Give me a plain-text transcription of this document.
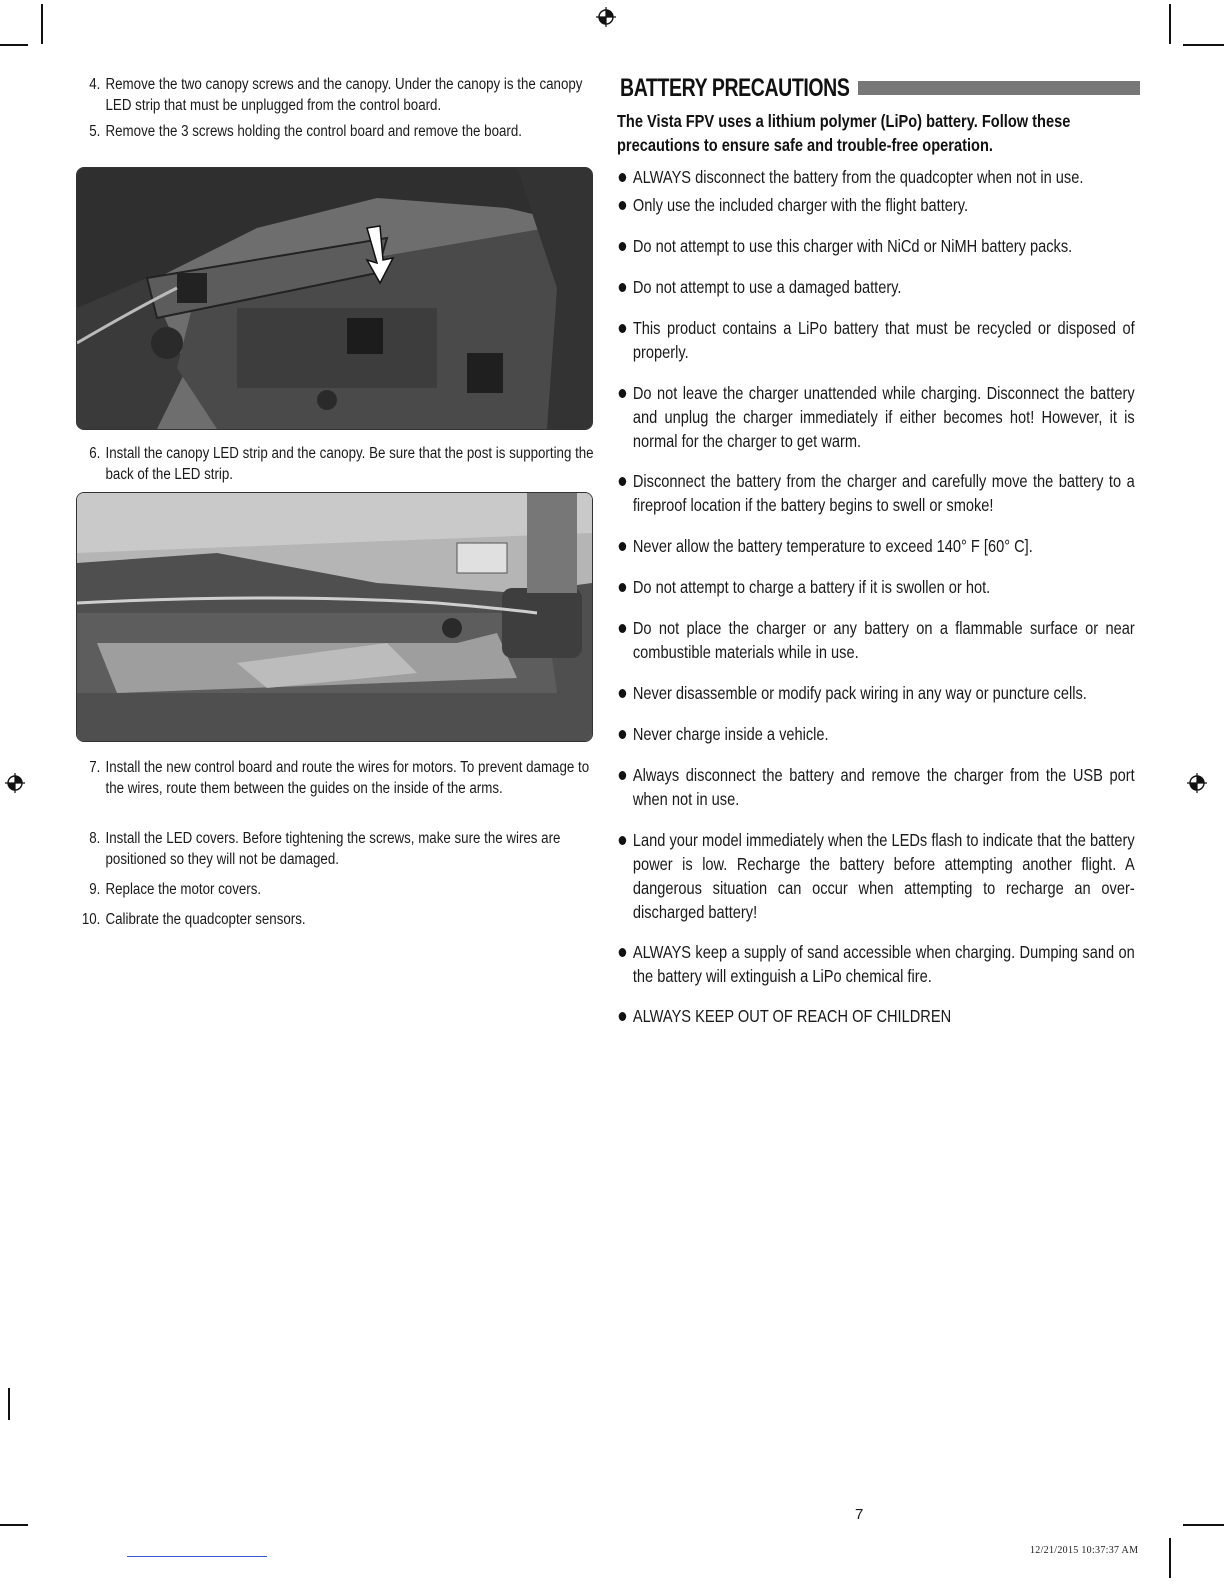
4. Remove the two canopy screws and the canopy. Under the canopy is the canopy LED strip that must be unplugged from the control board.
5. Remove the 3 screws holding the control board and remove the board.
6. Install the canopy LED strip and the canopy. Be sure that the post is supporting the back of the LED strip.
7. Install the new control board and route the wires for motors. To prevent damage to the wires, route them between the guides on the inside of the arms.
8. Install the LED covers. Before tightening the screws, make sure the wires are positioned so they will not be damaged.
9. Replace the motor covers.
10. Calibrate the quadcopter sensors.
BATTERY PRECAUTIONS
The Vista FPV uses a lithium polymer (LiPo) battery. Follow these precautions to ensure safe and trouble-free operation.
ALWAYS disconnect the battery from the quadcopter when not in use.
Only use the included charger with the flight battery.
Do not attempt to use this charger with NiCd or NiMH battery packs.
Do not attempt to use a damaged battery.
This product contains a LiPo battery that must be recycled or disposed of properly.
Do not leave the charger unattended while charging. Disconnect the battery and unplug the charger immediately if either becomes hot! However, it is normal for the charger to get warm.
Disconnect the battery from the charger and carefully move the battery to a fireproof location if the battery begins to swell or smoke!
Never allow the battery temperature to exceed 140° F [60° C].
Do not attempt to charge a battery if it is swollen or hot.
Do not place the charger or any battery on a flammable surface or near combustible materials while in use.
Never disassemble or modify pack wiring in any way or puncture cells.
Never charge inside a vehicle.
Always disconnect the battery and remove the charger from the USB port when not in use.
Land your model immediately when the LEDs flash to indicate that the battery power is low. Recharge the battery before attempting another flight. A dangerous situation can occur when attempting to recharge an over-discharged battery!
ALWAYS keep a supply of sand accessible when charging. Dumping sand on the battery will extinguish a LiPo chemical fire.
ALWAYS KEEP OUT OF REACH OF CHILDREN
7
12/21/2015 10:37:37 AM
